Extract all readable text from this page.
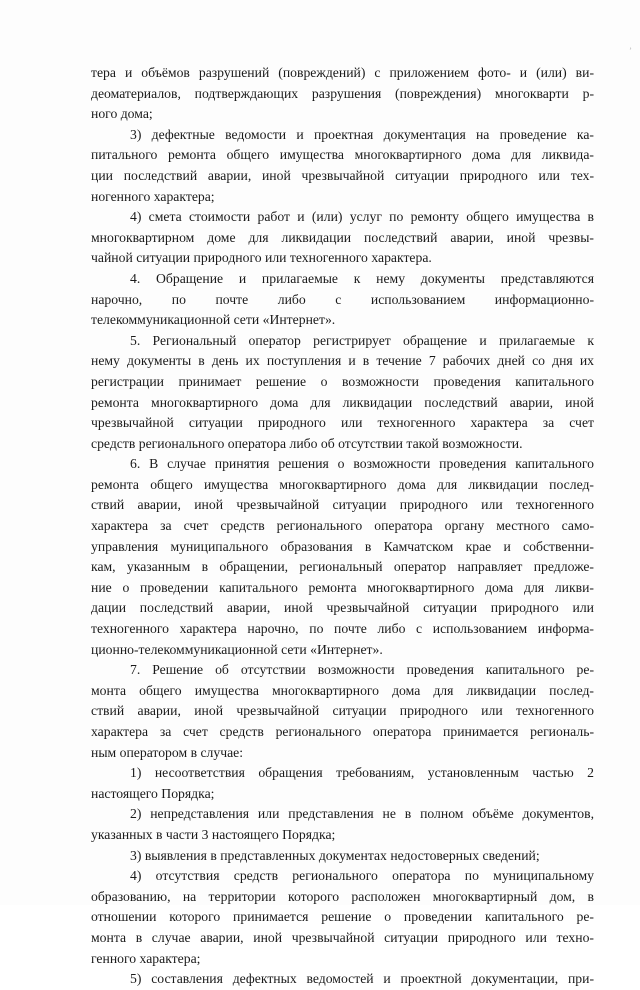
’
тера и объёмов разрушений (повреждений) с приложением фото- и (или) ви-
деоматериалов, подтверждающих разрушения (повреждения) многокварти р-
ного дома;
3) дефектные ведомости и проектная документация на проведение ка-
питального ремонта общего имущества многоквартирного дома для ликвида-
ции последствий аварии, иной чрезвычайной ситуации природного или тех-
ногенного характера;
4) смета стоимости работ и (или) услуг по ремонту общего имущества в
многоквартирном доме для ликвидации последствий аварии, иной чрезвы-
чайной ситуации природного или техногенного характера.
4. Обращение и прилагаемые к нему документы представляются
нарочно, по почте либо с использованием информационно-
телекоммуникационной сети «Интернет».
5. Региональный оператор регистрирует обращение и прилагаемые к
нему документы в день их поступления и в течение 7 рабочих дней со дня их
регистрации принимает решение о возможности проведения капитального
ремонта многоквартирного дома для ликвидации последствий аварии, иной
чрезвычайной ситуации природного или техногенного характера за счет
средств регионального оператора либо об отсутствии такой возможности.
6. В случае принятия решения о возможности проведения капитального
ремонта общего имущества многоквартирного дома для ликвидации послед-
ствий аварии, иной чрезвычайной ситуации природного или техногенного
характера за счет средств регионального оператора органу местного само-
управления муниципального образования в Камчатском крае и собственни-
кам, указанным в обращении, региональный оператор направляет предложе-
ние о проведении капитального ремонта многоквартирного дома для ликви-
дации последствий аварии, иной чрезвычайной ситуации природного или
техногенного характера нарочно, по почте либо с использованием информа-
ционно-телекоммуникационной сети «Интернет».
7. Решение об отсутствии возможности проведения капитального ре-
монта общего имущества многоквартирного дома для ликвидации послед-
ствий аварии, иной чрезвычайной ситуации природного или техногенного
характера за счет средств регионального оператора принимается региональ-
ным оператором в случае:
1) несоответствия обращения требованиям, установленным частью 2
настоящего Порядка;
2) непредставления или представления не в полном объёме документов,
указанных в части 3 настоящего Порядка;
3) выявления в представленных документах недостоверных сведений;
4) отсутствия средств регионального оператора по муниципальному
образованию, на территории которого расположен многоквартирный дом, в
отношении которого принимается решение о проведении капитального ре-
монта в случае аварии, иной чрезвычайной ситуации природного или техно-
генного характера;
5) составления дефектных ведомостей и проектной документации, при-
